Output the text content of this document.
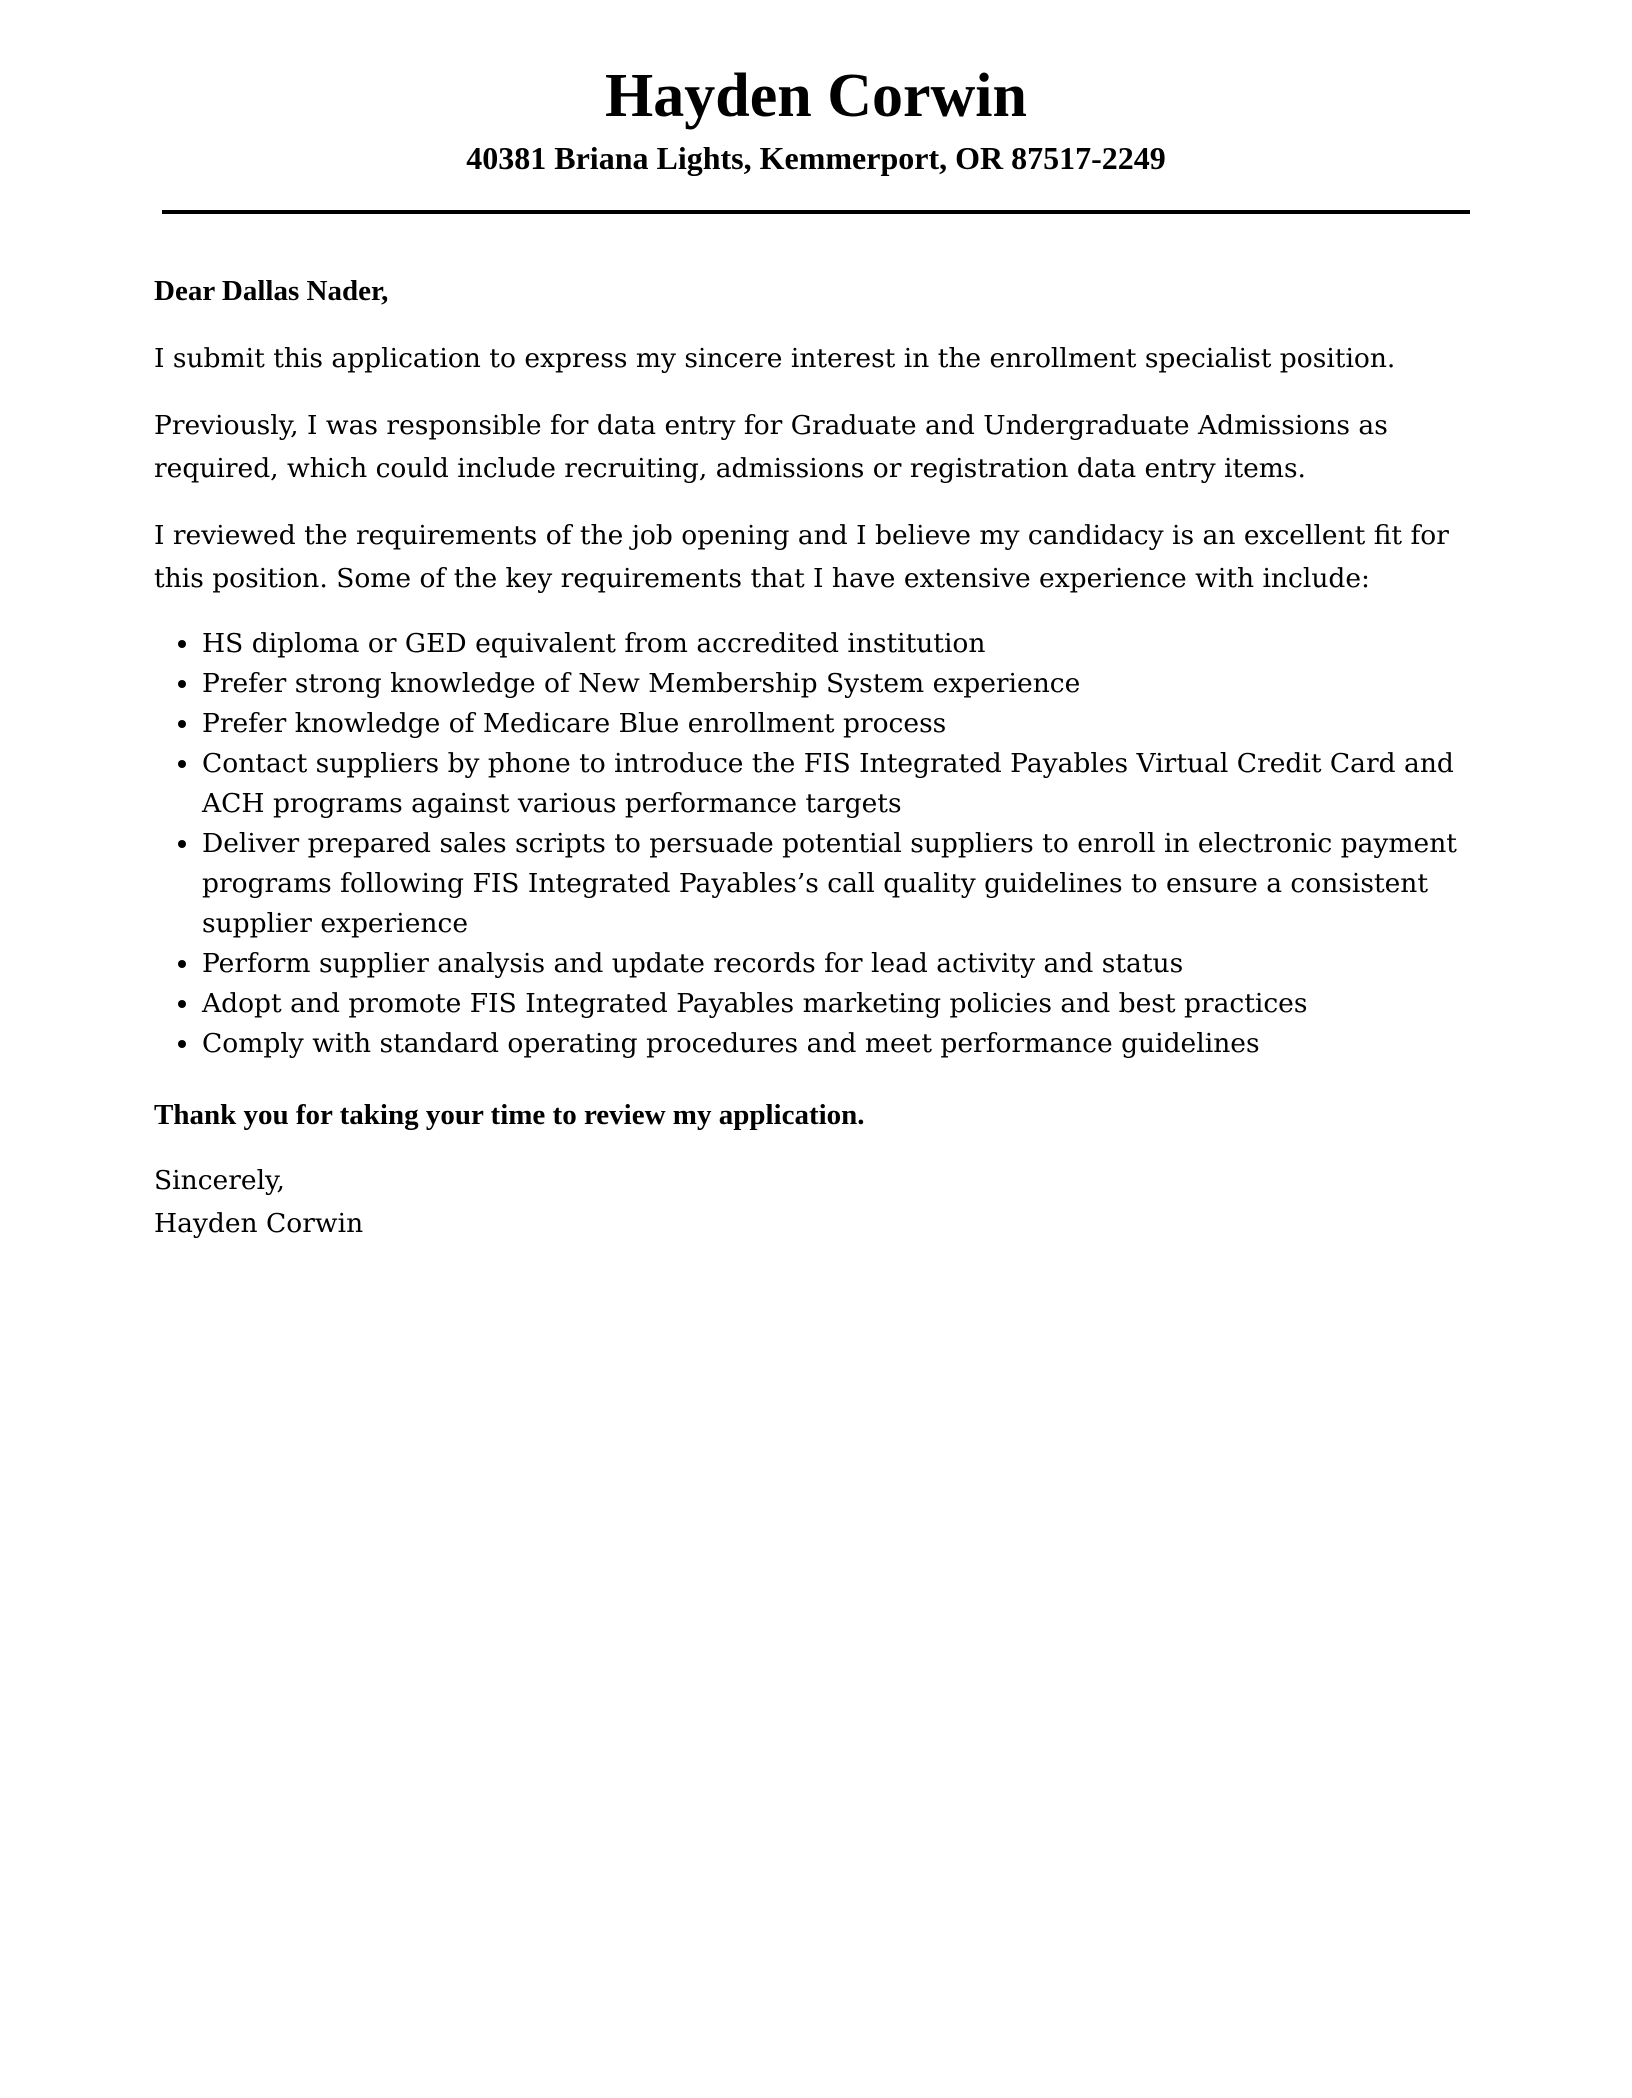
Hayden Corwin
40381 Briana Lights, Kemmerport, OR 87517-2249

Dear Dallas Nader,

I submit this application to express my sincere interest in the enrollment specialist position.

Previously, I was responsible for data entry for Graduate and Undergraduate Admissions as required, which could include recruiting, admissions or registration data entry items.

I reviewed the requirements of the job opening and I believe my candidacy is an excellent fit for this position. Some of the key requirements that I have extensive experience with include:

HS diploma or GED equivalent from accredited institution
Prefer strong knowledge of New Membership System experience
Prefer knowledge of Medicare Blue enrollment process
Contact suppliers by phone to introduce the FIS Integrated Payables Virtual Credit Card and ACH programs against various performance targets
Deliver prepared sales scripts to persuade potential suppliers to enroll in electronic payment programs following FIS Integrated Payables’s call quality guidelines to ensure a consistent supplier experience
Perform supplier analysis and update records for lead activity and status
Adopt and promote FIS Integrated Payables marketing policies and best practices
Comply with standard operating procedures and meet performance guidelines

Thank you for taking your time to review my application.

Sincerely,

Hayden Corwin
